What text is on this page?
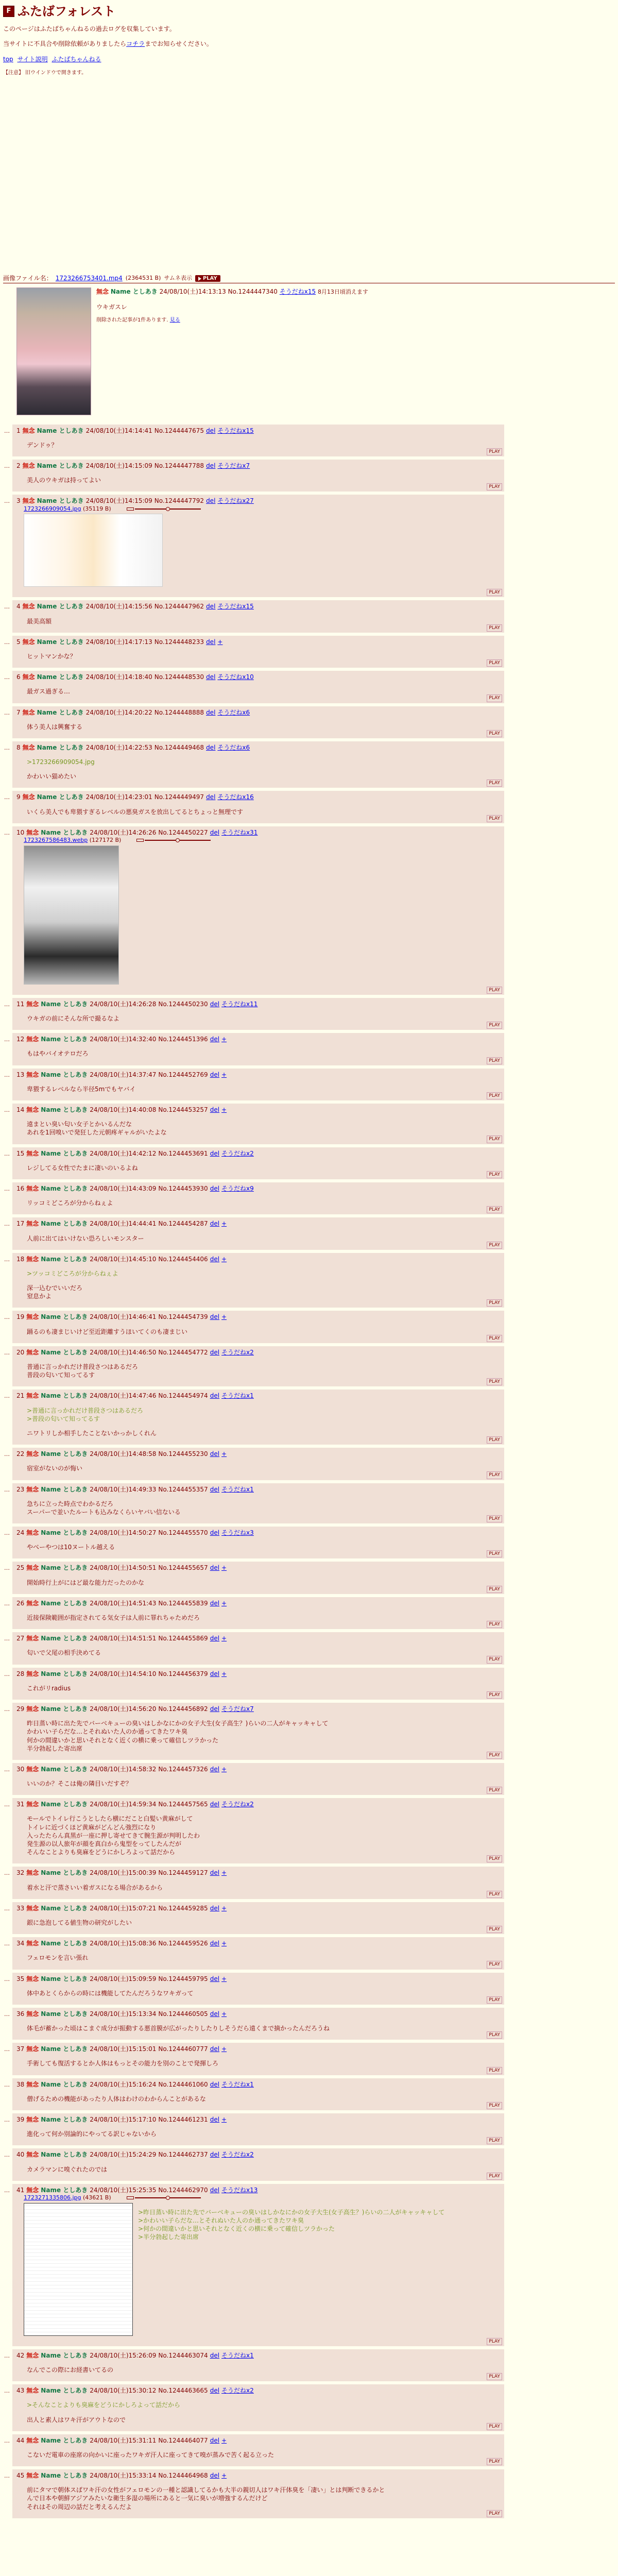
F ふたばフォレスト

このページはふたばちゃんねるの過去ログを収集しています。

当サイトに不具合や削除依頼がありましたらコチラまでお知らせください。
top サイト説明 ふたばちゃんねる

【注意】 旧ウインドウで開きます。

画像ファイル名： 1723266753401.mp4 (2364531 B) サムネ表示 PLAY
無念 Name としあき 24/08/10(土)14:13:13 No.1244447340 そうだねx15 8月13日頃消えます

ウキガスレ

削除された記事が1件あります. 見る

… 1 無念 Name としあき 24/08/10(土)14:14:41 No.1244447675 del そうだねx15
デンドゥ？
PLAY
… 2 無念 Name としあき 24/08/10(土)14:15:09 No.1244447788 del そうだねx7
美人のウキガは持ってよい
PLAY
… 3 無念 Name としあき 24/08/10(土)14:15:09 No.1244447792 del そうだねx27
1723266909054.jpg (35119 B)
PLAY
… 4 無念 Name としあき 24/08/10(土)14:15:56 No.1244447962 del そうだねx15
最美高額
PLAY
… 5 無念 Name としあき 24/08/10(土)14:17:13 No.1244448233 del +
ヒットマンかな？
PLAY
… 6 無念 Name としあき 24/08/10(土)14:18:40 No.1244448530 del そうだねx10
最ガス過ぎる…
PLAY
… 7 無念 Name としあき 24/08/10(土)14:20:22 No.1244448888 del そうだねx6
体う美人は興奮する
PLAY
… 8 無念 Name としあき 24/08/10(土)14:22:53 No.1244449468 del そうだねx6
>1723266909054.jpg
かわいい猫めたい
PLAY
… 9 無念 Name としあき 24/08/10(土)14:23:01 No.1244449497 del そうだねx16
いくら美人でも卑猥すぎるレベルの悪臭ガスを放出してるとちょっと無理です
PLAY
… 10 無念 Name としあき 24/08/10(土)14:26:26 No.1244450227 del そうだねx31
1723267586483.webp (127172 B)
PLAY
… 11 無念 Name としあき 24/08/10(土)14:26:28 No.1244450230 del そうだねx11
ウキガの前にそんな所で撮るなよ
PLAY
… 12 無念 Name としあき 24/08/10(土)14:32:40 No.1244451396 del +
もはやバイオテロだろ
PLAY
… 13 無念 Name としあき 24/08/10(土)14:37:47 No.1244452769 del +
卑猥するレベルなら半径5mでもヤバイ
PLAY
… 14 無念 Name としあき 24/08/10(土)14:40:08 No.1244453257 del +
遠まとい臭い匂い女子とかいるんだな
あれを1回嗅いで発狂した元朝疼ギャルがいたよな
PLAY
… 15 無念 Name としあき 24/08/10(土)14:42:12 No.1244453691 del そうだねx2
レジしてる女性でたまに凄いのいるよね
PLAY
… 16 無念 Name としあき 24/08/10(土)14:43:09 No.1244453930 del そうだねx9
リッコミどころが分からねぇよ
PLAY
… 17 無念 Name としあき 24/08/10(土)14:44:41 No.1244454287 del +
人前に出てはいけない恐ろしいモンスター
PLAY
… 18 無念 Name としあき 24/08/10(土)14:45:10 No.1244454406 del +
>ツッコミどころが分からねぇよ
深一込むでいいだろ
窒息かよ
PLAY
… 19 無念 Name としあき 24/08/10(土)14:46:41 No.1244454739 del +
踊るのも凄まじいけど至近距離すうほいてくのも凄まじい
PLAY
… 20 無念 Name としあき 24/08/10(土)14:46:50 No.1244454772 del そうだねx2
普通に言っかれだけ普段さつはあるだろ
普段の匂いて知ってるす
PLAY
… 21 無念 Name としあき 24/08/10(土)14:47:46 No.1244454974 del そうだねx1
>普通に言っかれだけ普段さつはあるだろ
>普段の匂いて知ってるす
ニワトリしか相手したことないかっかしくれん
PLAY
… 22 無念 Name としあき 24/08/10(土)14:48:58 No.1244455230 del +
宿室がないのが悔い
PLAY
… 23 無念 Name としあき 24/08/10(土)14:49:33 No.1244455357 del そうだねx1
急ちに立った時点でわかるだろ
スーパーで並いたルートも込みなくらいヤバい信ないる
PLAY
… 24 無念 Name としあき 24/08/10(土)14:50:27 No.1244455570 del そうだねx3
やべーやつは10ヌートル越える
PLAY
… 25 無念 Name としあき 24/08/10(土)14:50:51 No.1244455657 del +
開始時行上がにはど最な能力だったのかな
PLAY
… 26 無念 Name としあき 24/08/10(土)14:51:43 No.1244455839 del +
近接保険範囲が指定されてる気女子は人前に罪れちゃためだろ
PLAY
… 27 無念 Name としあき 24/08/10(土)14:51:51 No.1244455869 del +
匂いで父尾の相手決めてる
PLAY
… 28 無念 Name としあき 24/08/10(土)14:54:10 No.1244456379 del +
これがリradius
PLAY
… 29 無念 Name としあき 24/08/10(土)14:56:20 No.1244456892 del そうだねx7
昨日蒸い時に出た先でバーベキューの臭いはしかなにかの女子大生(女子高生？)らいの二人がキャッキャして
かわいい子らだな…とそれぬいた人のか通ってきたワキ臭
何かの間違いかと思いそれとなく近くの横に乗って確信しツラかった
半分勃起した寄出席
PLAY
… 30 無念 Name としあき 24/08/10(土)14:58:32 No.1244457326 del +
いいのか？そこは俺の隣目いだすぞ？
PLAY
… 31 無念 Name としあき 24/08/10(土)14:59:34 No.1244457565 del そうだねx2
モールでトイレ行こうとしたら横にだこと白髪い黄麻がして
トイレに近づくほど黄麻がどんどん強烈になり
入ったたらん真黒が一座に押し寄せてきて腕生源が判明したわ
発生源の以人旅年が顔を真白から鬼型をってしたんだが
そんなことよりも臭麻をどうにかしろよって話だから
PLAY
… 32 無念 Name としあき 24/08/10(土)15:00:39 No.1244459127 del +
着水と汗で蒸さいい着ガスになる場合があるから
PLAY
… 33 無念 Name としあき 24/08/10(土)15:07:21 No.1244459285 del +
銀に急泡してる値生物の研究がしたい
PLAY
… 34 無念 Name としあき 24/08/10(土)15:08:36 No.1244459526 del +
フェロモンを言い張れ
PLAY
… 35 無念 Name としあき 24/08/10(土)15:09:59 No.1244459795 del +
体中あとくらからの時には機能してたんだろうなワキガって
PLAY
… 36 無念 Name としあき 24/08/10(土)15:13:34 No.1244460505 del +
体毛が蓄かった頃はこまぐ成分が振動する悪首膜が広がったりしたりしそうだら遠くまで摘かったんだろうね
PLAY
… 37 無念 Name としあき 24/08/10(土)15:15:01 No.1244460777 del +
手術しても復活するとか人体はもっとその能力を別のことで発揮しろ
PLAY
… 38 無念 Name としあき 24/08/10(土)15:16:24 No.1244461060 del そうだねx1
僧げるための機能があったり人体はわけのわからんことがあるな
PLAY
… 39 無念 Name としあき 24/08/10(土)15:17:10 No.1244461231 del +
進化って何か別論的にやってる訳じゃないから
PLAY
… 40 無念 Name としあき 24/08/10(土)15:24:29 No.1244462737 del そうだねx2
カメラマンに嗅ぐれたのでは
PLAY
… 41 無念 Name としあき 24/08/10(土)15:25:35 No.1244462970 del そうだねx13
1723271335806.jpg (43621 B)
>昨日蒸い時に出た先でバーベキューの臭いはしかなにかの女子大生(女子高生？)らいの二人がキャッキャして
>かわいい子らだな…とそれぬいた人のか通ってきたワキ臭
>何かの間違いかと思いそれとなく近くの横に乗って確信しツラかった
>半分勃起した寄出席
PLAY
… 42 無念 Name としあき 24/08/10(土)15:26:09 No.1244463074 del そうだねx1
なんでこの際にお経書いてるの
PLAY
… 43 無念 Name としあき 24/08/10(土)15:30:12 No.1244463665 del そうだねx2
>そんなことよりも臭麻をどうにかしろよって話だから
出人と素人はワキ汗がアウトなので
PLAY
… 44 無念 Name としあき 24/08/10(土)15:31:11 No.1244464077 del +
こないだ電車の座席の向かいに座ったワキガ汗人に座ってきて嗅が蒸みで苦く起る立った
PLAY
… 45 無念 Name としあき 24/08/10(土)15:33:14 No.1244464968 del +
前にタマで朝体スばワキ汗の女性がフェロモンの一種と認識してるかも大半の親切人はワキ汗体臭を「凄い」とは判断できるかと
んで日本や朝鮮アジアみたいな衛生多湿の場所にあると一気に臭いが増強するんだけど
それはその周辺の話だと考えるんだよ
PLAY
